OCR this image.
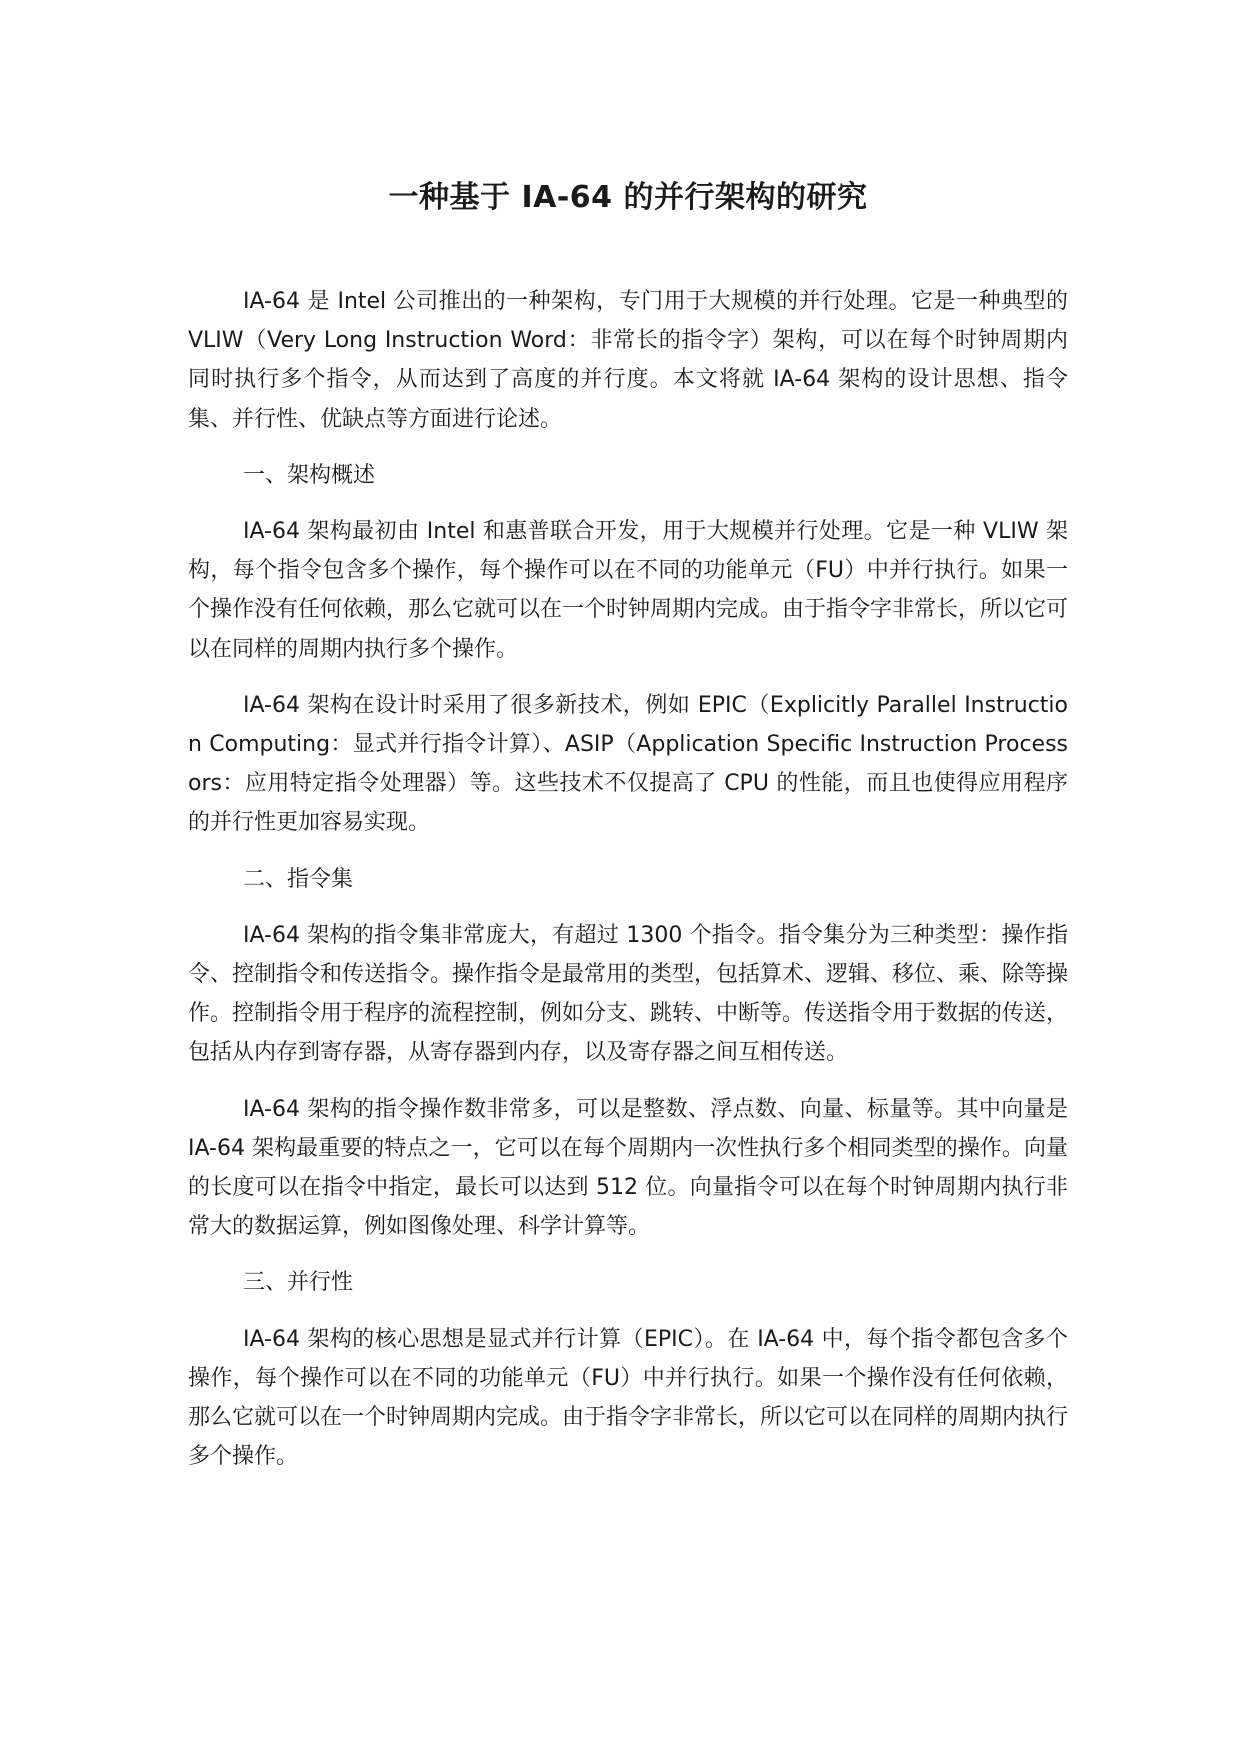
一种基于 IA-64 的并行架构的研究

IA-64 是 Intel 公司推出的一种架构，专门用于大规模的并行处理。它是一种典型的 VLIW（Very Long Instruction Word：非常长的指令字）架构，可以在每个时钟周期内同时执行多个指令，从而达到了高度的并行度。本文将就 IA-64 架构的设计思想、指令集、并行性、优缺点等方面进行论述。

一、架构概述

IA-64 架构最初由 Intel 和惠普联合开发，用于大规模并行处理。它是一种 VLIW 架构，每个指令包含多个操作，每个操作可以在不同的功能单元（FU）中并行执行。如果一个操作没有任何依赖，那么它就可以在一个时钟周期内完成。由于指令字非常长，所以它可以在同样的周期内执行多个操作。

IA-64 架构在设计时采用了很多新技术，例如 EPIC（Explicitly Parallel Instruction Computing：显式并行指令计算）、ASIP（Application Specific Instruction Processors：应用特定指令处理器）等。这些技术不仅提高了 CPU 的性能，而且也使得应用程序的并行性更加容易实现。

二、指令集

IA-64 架构的指令集非常庞大，有超过 1300 个指令。指令集分为三种类型：操作指令、控制指令和传送指令。操作指令是最常用的类型，包括算术、逻辑、移位、乘、除等操作。控制指令用于程序的流程控制，例如分支、跳转、中断等。传送指令用于数据的传送，包括从内存到寄存器，从寄存器到内存，以及寄存器之间互相传送。

IA-64 架构的指令操作数非常多，可以是整数、浮点数、向量、标量等。其中向量是 IA-64 架构最重要的特点之一，它可以在每个周期内一次性执行多个相同类型的操作。向量的长度可以在指令中指定，最长可以达到 512 位。向量指令可以在每个时钟周期内执行非常大的数据运算，例如图像处理、科学计算等。

三、并行性

IA-64 架构的核心思想是显式并行计算（EPIC）。在 IA-64 中，每个指令都包含多个操作，每个操作可以在不同的功能单元（FU）中并行执行。如果一个操作没有任何依赖，那么它就可以在一个时钟周期内完成。由于指令字非常长，所以它可以在同样的周期内执行多个操作。
